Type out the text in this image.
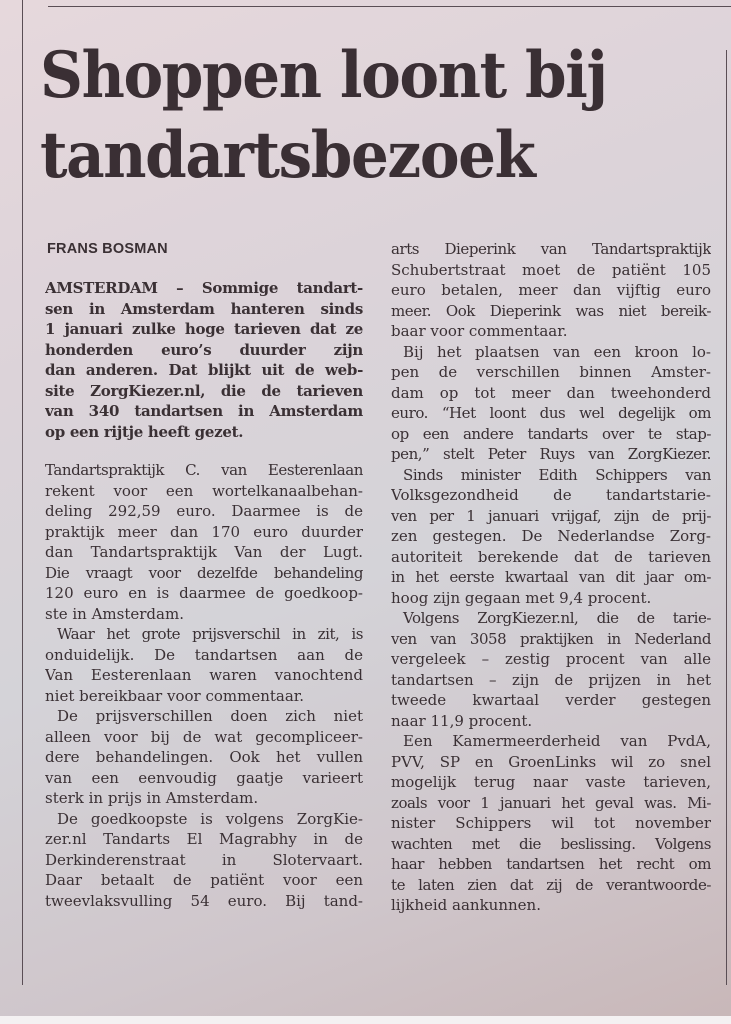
Shoppen loont bij
tandartsbezoek
FRANS BOSMAN
AMSTERDAM – Sommige tandart-
sen in Amsterdam hanteren sinds
1 januari zulke hoge tarieven dat ze
honderden euro’s duurder zijn
dan anderen. Dat blijkt uit de web-
site ZorgKiezer.nl, die de tarieven
van 340 tandartsen in Amsterdam
op een rijtje heeft gezet.
Tandartspraktijk C. van Eesterenlaan
rekent voor een wortelkanaalbehan-
deling 292,59 euro. Daarmee is de
praktijk meer dan 170 euro duurder
dan Tandartspraktijk Van der Lugt.
Die vraagt voor dezelfde behandeling
120 euro en is daarmee de goedkoop-
ste in Amsterdam.
Waar het grote prijsverschil in zit, is
onduidelijk. De tandartsen aan de
Van Eesterenlaan waren vanochtend
niet bereikbaar voor commentaar.
De prijsverschillen doen zich niet
alleen voor bij de wat gecompliceer-
dere behandelingen. Ook het vullen
van een eenvoudig gaatje varieert
sterk in prijs in Amsterdam.
De goedkoopste is volgens ZorgKie-
zer.nl Tandarts El Magrabhy in de
Derkinderenstraat in Slotervaart.
Daar betaalt de patiënt voor een
tweevlaksvulling 54 euro. Bij tand-
arts Dieperink van Tandartspraktijk
Schubertstraat moet de patiënt 105
euro betalen, meer dan vijftig euro
meer. Ook Dieperink was niet bereik-
baar voor commentaar.
Bij het plaatsen van een kroon lo-
pen de verschillen binnen Amster-
dam op tot meer dan tweehonderd
euro. “Het loont dus wel degelijk om
op een andere tandarts over te stap-
pen,” stelt Peter Ruys van ZorgKiezer.
Sinds minister Edith Schippers van
Volksgezondheid de tandartstarie-
ven per 1 januari vrijgaf, zijn de prij-
zen gestegen. De Nederlandse Zorg-
autoriteit berekende dat de tarieven
in het eerste kwartaal van dit jaar om-
hoog zijn gegaan met 9,4 procent.
Volgens ZorgKiezer.nl, die de tarie-
ven van 3058 praktijken in Nederland
vergeleek – zestig procent van alle
tandartsen – zijn de prijzen in het
tweede kwartaal verder gestegen
naar 11,9 procent.
Een Kamermeerderheid van PvdA,
PVV, SP en GroenLinks wil zo snel
mogelijk terug naar vaste tarieven,
zoals voor 1 januari het geval was. Mi-
nister Schippers wil tot november
wachten met die beslissing. Volgens
haar hebben tandartsen het recht om
te laten zien dat zij de verantwoorde-
lijkheid aankunnen.
